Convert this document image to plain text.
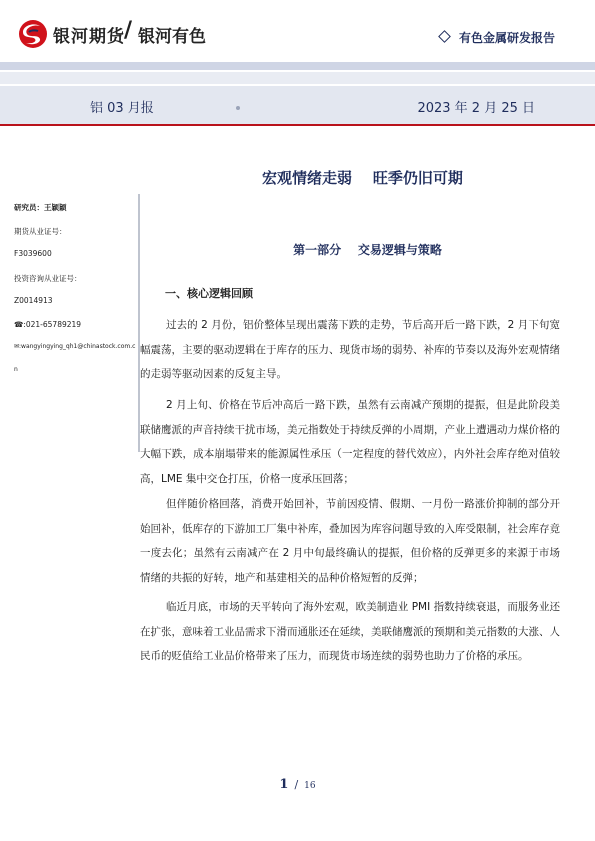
银河期货 / 银河有色	有色金属研发报告
铝 03 月报	2023 年 2 月 25 日
宏观情绪走弱    旺季仍旧可期
研究员：王颖颖
期货从业证号：
F3039600
投资咨询从业证号：
Z0014913
☎:021-65789219
✉:wangyingying_qh1@chinastock.com.c
n
第一部分    交易逻辑与策略
一、核心逻辑回顾

过去的 2 月份，铝价整体呈现出震荡下跌的走势，节后高开后一路下跌，2 月下旬宽幅震荡，主要的驱动逻辑在于库存的压力、现货市场的弱势、补库的节奏以及海外宏观情绪的走弱等驱动因素的反复主导。

2 月上旬、价格在节后冲高后一路下跌，虽然有云南减产预期的提振，但是此阶段美联储鹰派的声音持续干扰市场，美元指数处于持续反弹的小周期，产业上遭遇动力煤价格的大幅下跌，成本崩塌带来的能源属性承压（一定程度的替代效应），内外社会库存绝对值较高，LME 集中交仓打压，价格一度承压回落；

但伴随价格回落，消费开始回补，节前因疫情、假期、一月份一路涨价抑制的部分开始回补，低库存的下游加工厂集中补库，叠加因为库容问题导致的入库受限制，社会库存竟一度去化；虽然有云南减产在 2 月中旬最终确认的提振，但价格的反弹更多的来源于市场情绪的共振的好转，地产和基建相关的品种价格短暂的反弹；

临近月底，市场的天平转向了海外宏观，欧美制造业 PMI 指数持续衰退，而服务业还在扩张，意味着工业品需求下滑而通胀还在延续，美联储鹰派的预期和美元指数的大涨、人民币的贬值给工业品价格带来了压力，而现货市场连续的弱势也助力了价格的承压。

1 / 16
